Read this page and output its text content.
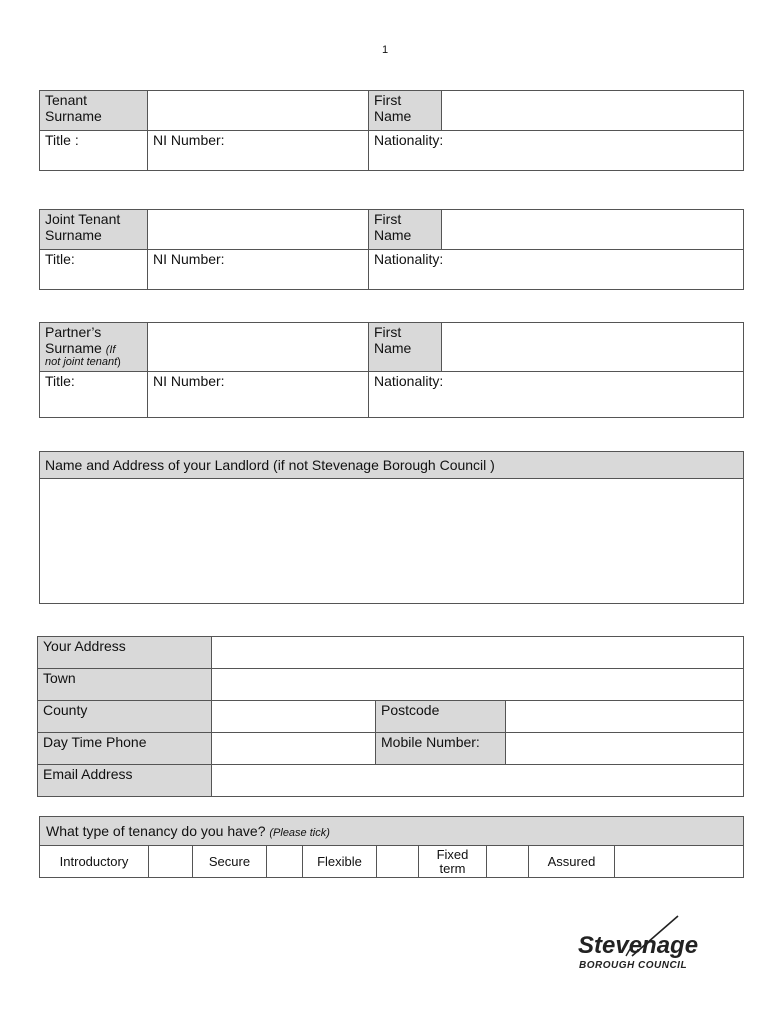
1
Tenant Surname		First Name	
Title :	NI Number:	Nationality:	
Joint Tenant Surname		First Name	
Title:	NI Number:	Nationality:	
Partner’s
Surname (If
not joint tenant)		First Name	
Title:	NI Number:	Nationality:	
Name and Address of your Landlord (if not Stevenage Borough Council )

Your Address			
Town			
County		Postcode	
Day Time Phone		Mobile Number:	
Email Address			
What type of tenancy do you have? (Please tick)
Introductory		Secure		Flexible		Fixed term		Assured	
Stevenage
BOROUGH COUNCIL
